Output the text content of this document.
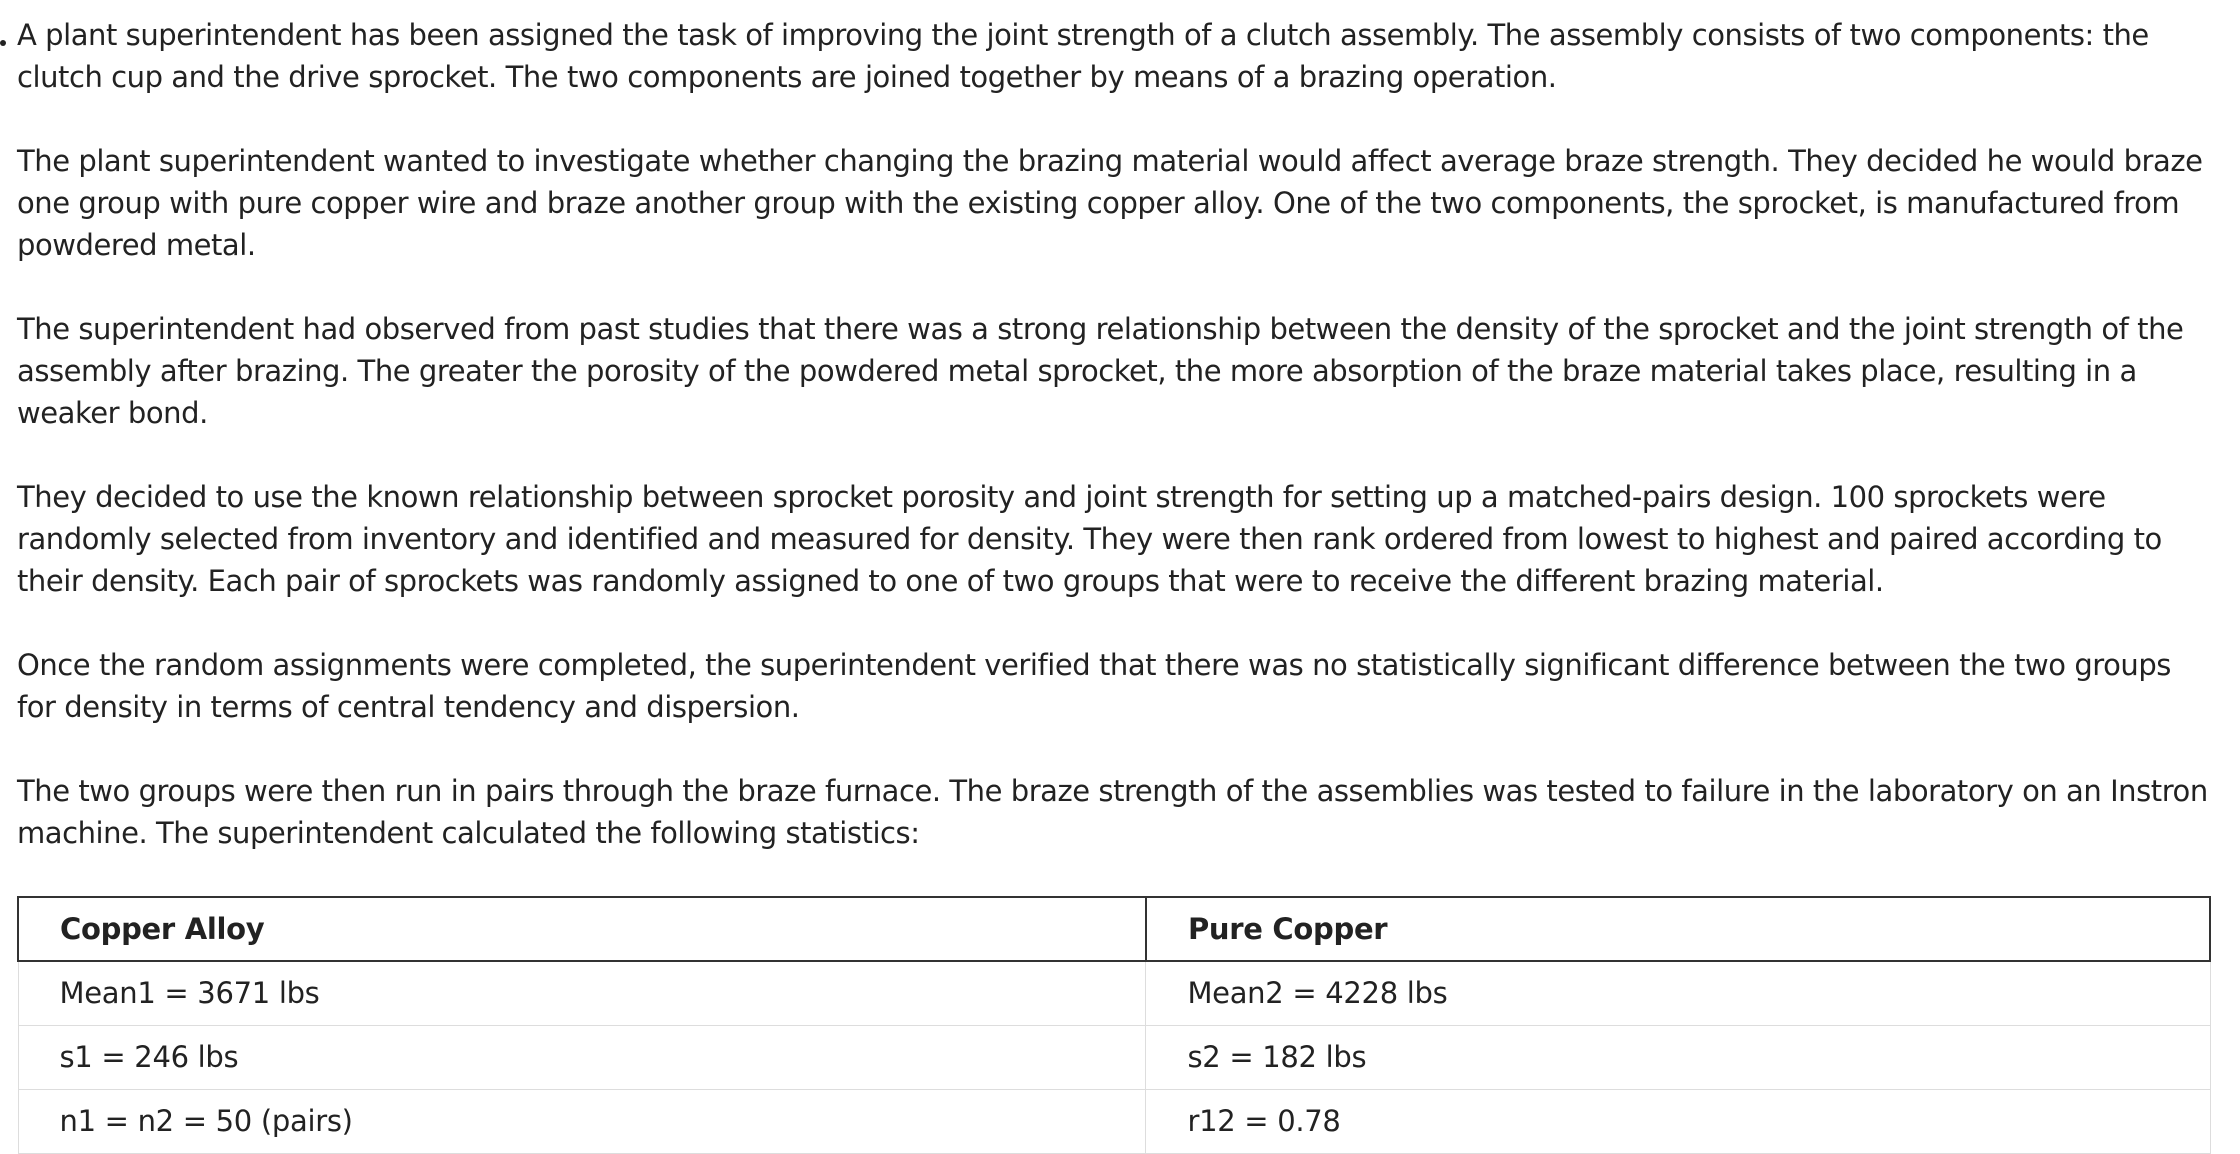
A plant superintendent has been assigned the task of improving the joint strength of a clutch assembly. The assembly consists of two components: the clutch cup and the drive sprocket. The two components are joined together by means of a brazing operation.

The plant superintendent wanted to investigate whether changing the brazing material would affect average braze strength. They decided he would braze one group with pure copper wire and braze another group with the existing copper alloy. One of the two components, the sprocket, is manufactured from powdered metal.

The superintendent had observed from past studies that there was a strong relationship between the density of the sprocket and the joint strength of the assembly after brazing. The greater the porosity of the powdered metal sprocket, the more absorption of the braze material takes place, resulting in a weaker bond.

They decided to use the known relationship between sprocket porosity and joint strength for setting up a matched-pairs design. 100 sprockets were randomly selected from inventory and identified and measured for density. They were then rank ordered from lowest to highest and paired according to their density. Each pair of sprockets was randomly assigned to one of two groups that were to receive the different brazing material.

Once the random assignments were completed, the superintendent verified that there was no statistically significant difference between the two groups for density in terms of central tendency and dispersion.

The two groups were then run in pairs through the braze furnace. The braze strength of the assemblies was tested to failure in the laboratory on an Instron machine. The superintendent calculated the following statistics:

Copper Alloy	Pure Copper
Mean1 = 3671 lbs	Mean2 = 4228 lbs
s1 = 246 lbs	s2 = 182 lbs
n1 = n2 = 50 (pairs)	r12 = 0.78
